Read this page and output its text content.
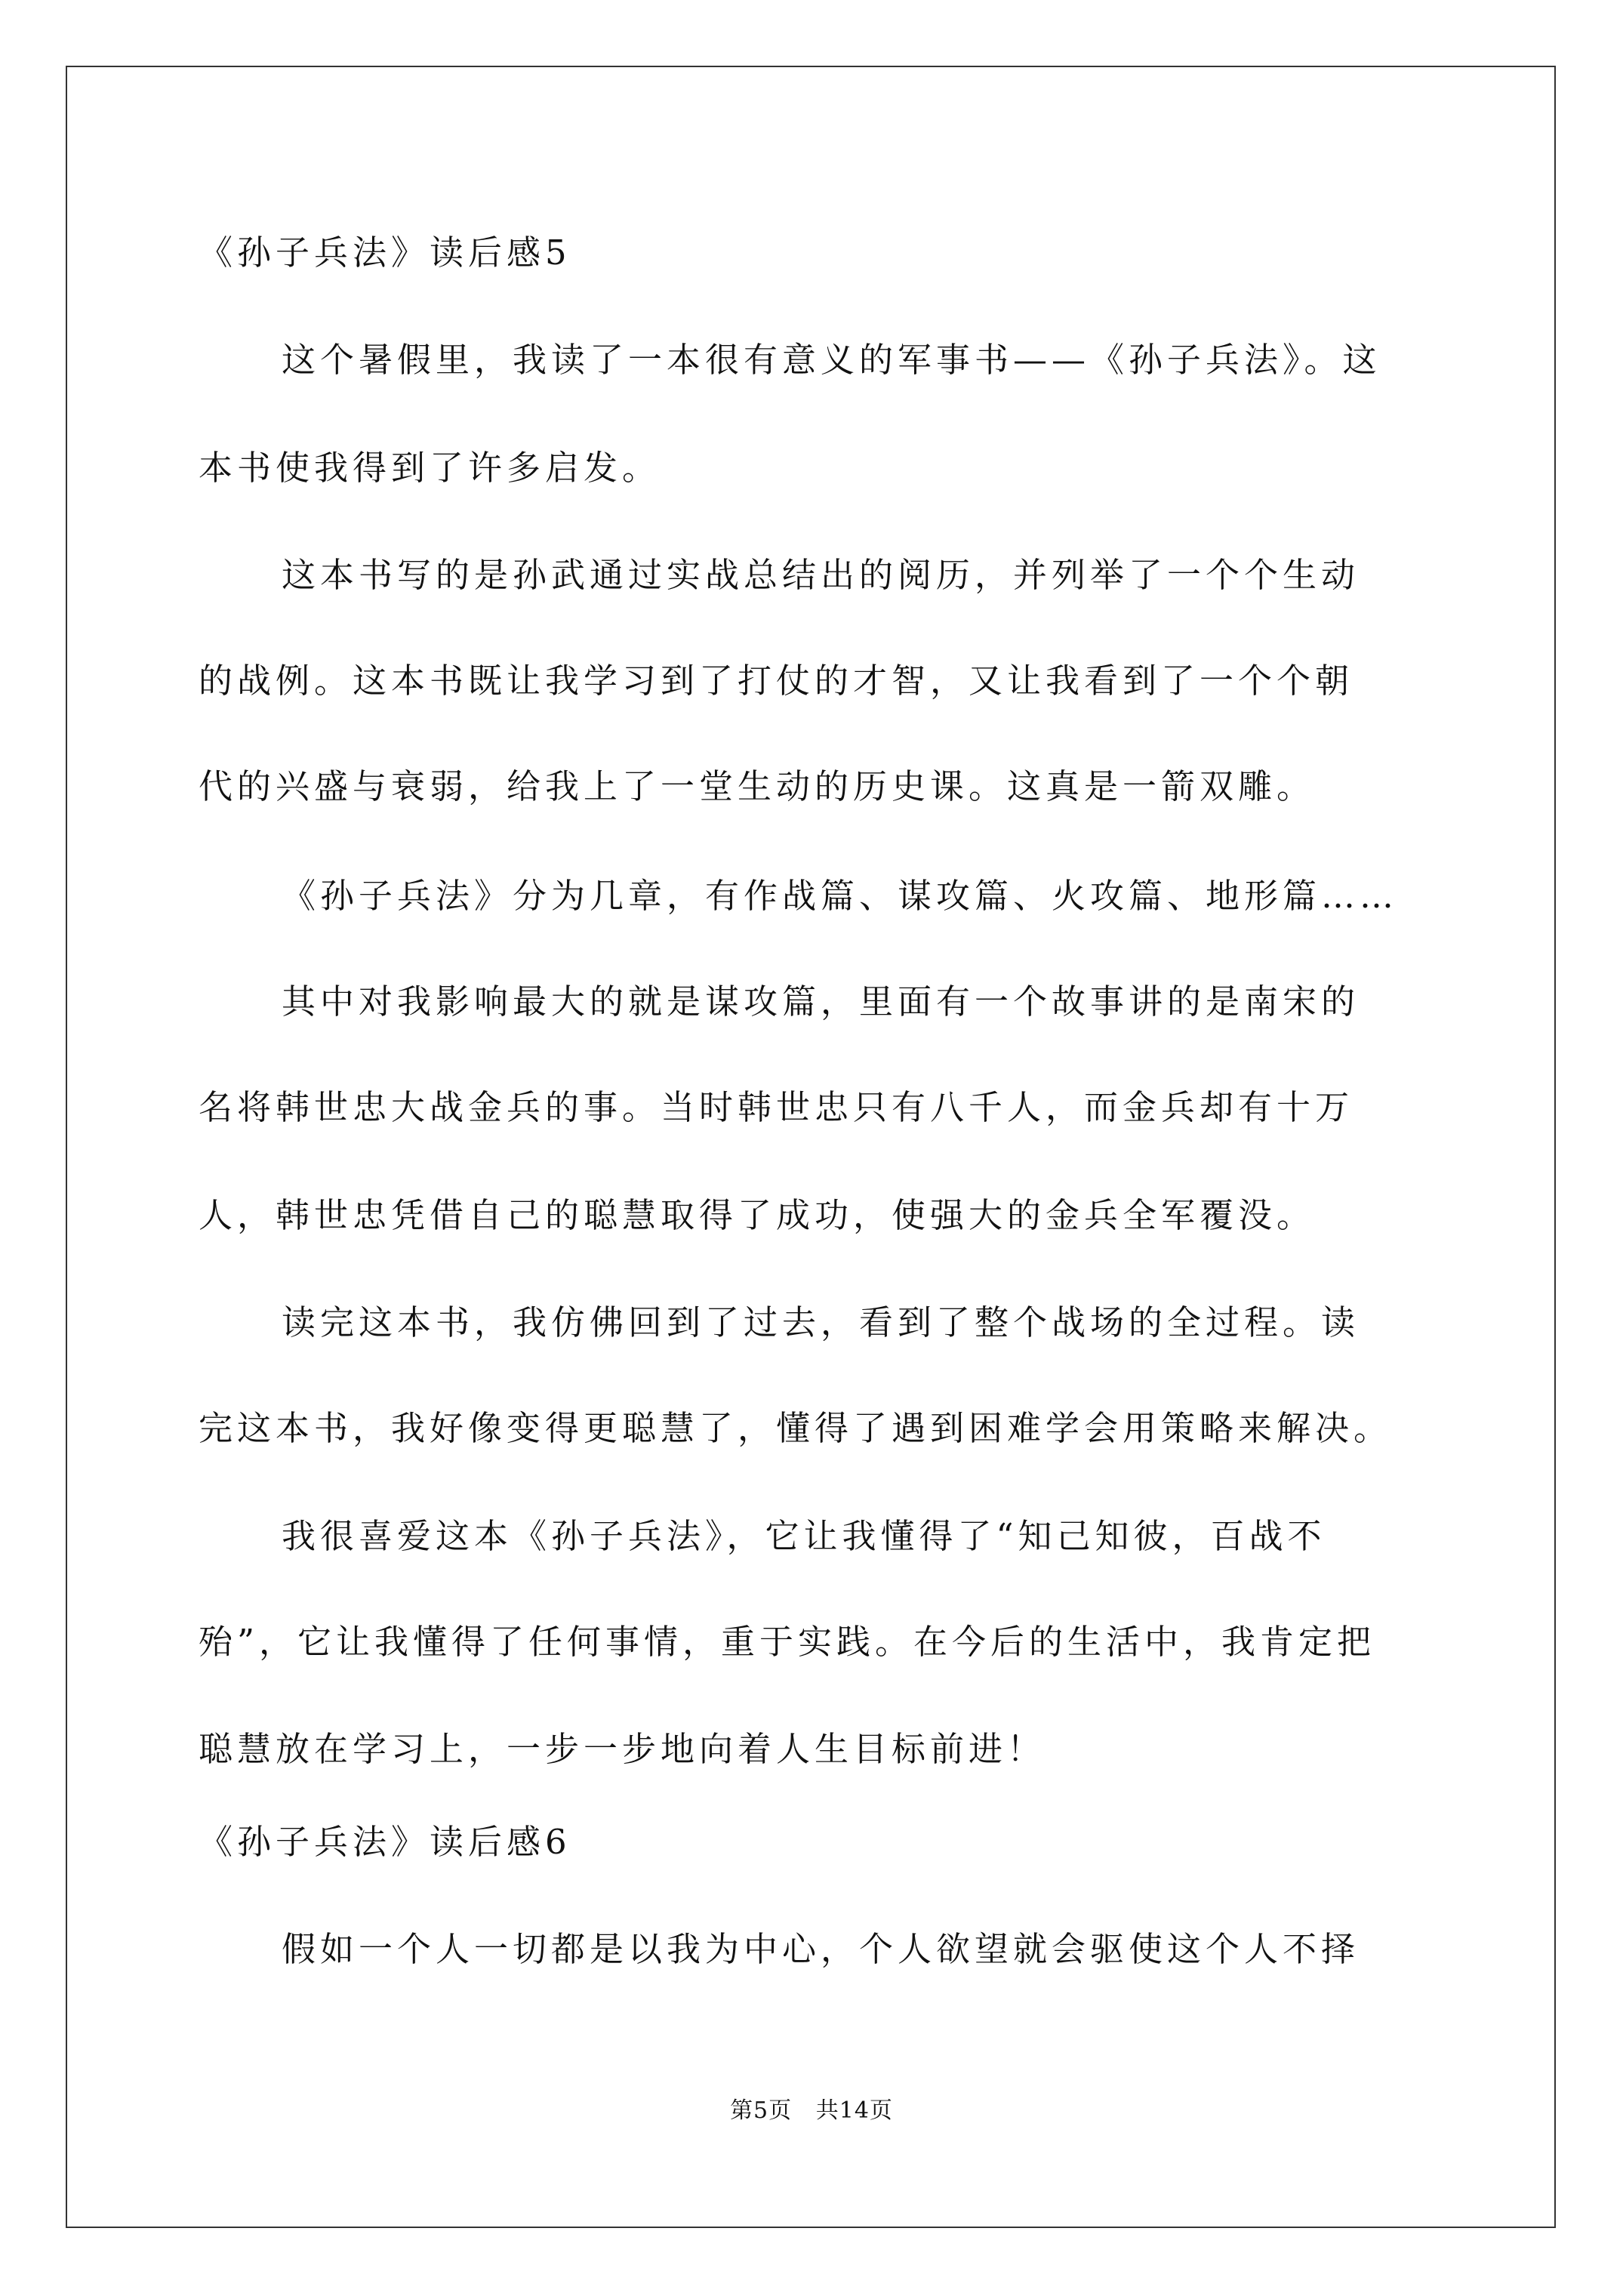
《孙子兵法》读后感5
这个暑假里，我读了一本很有意义的军事书——《孙子兵法》。这
本书使我得到了许多启发。
这本书写的是孙武通过实战总结出的阅历，并列举了一个个生动
的战例。这本书既让我学习到了打仗的才智，又让我看到了一个个朝
代的兴盛与衰弱，给我上了一堂生动的历史课。这真是一箭双雕。
《孙子兵法》分为几章，有作战篇、谋攻篇、火攻篇、地形篇……
其中对我影响最大的就是谋攻篇，里面有一个故事讲的是南宋的
名将韩世忠大战金兵的事。当时韩世忠只有八千人，而金兵却有十万
人，韩世忠凭借自己的聪慧取得了成功，使强大的金兵全军覆没。
读完这本书，我仿佛回到了过去，看到了整个战场的全过程。读
完这本书，我好像变得更聪慧了，懂得了遇到困难学会用策略来解决。
我很喜爱这本《孙子兵法》，它让我懂得了“知己知彼，百战不
殆”，它让我懂得了任何事情，重于实践。在今后的生活中，我肯定把
聪慧放在学习上，一步一步地向着人生目标前进！
《孙子兵法》读后感6
假如一个人一切都是以我为中心，个人欲望就会驱使这个人不择
第5页   共14页
